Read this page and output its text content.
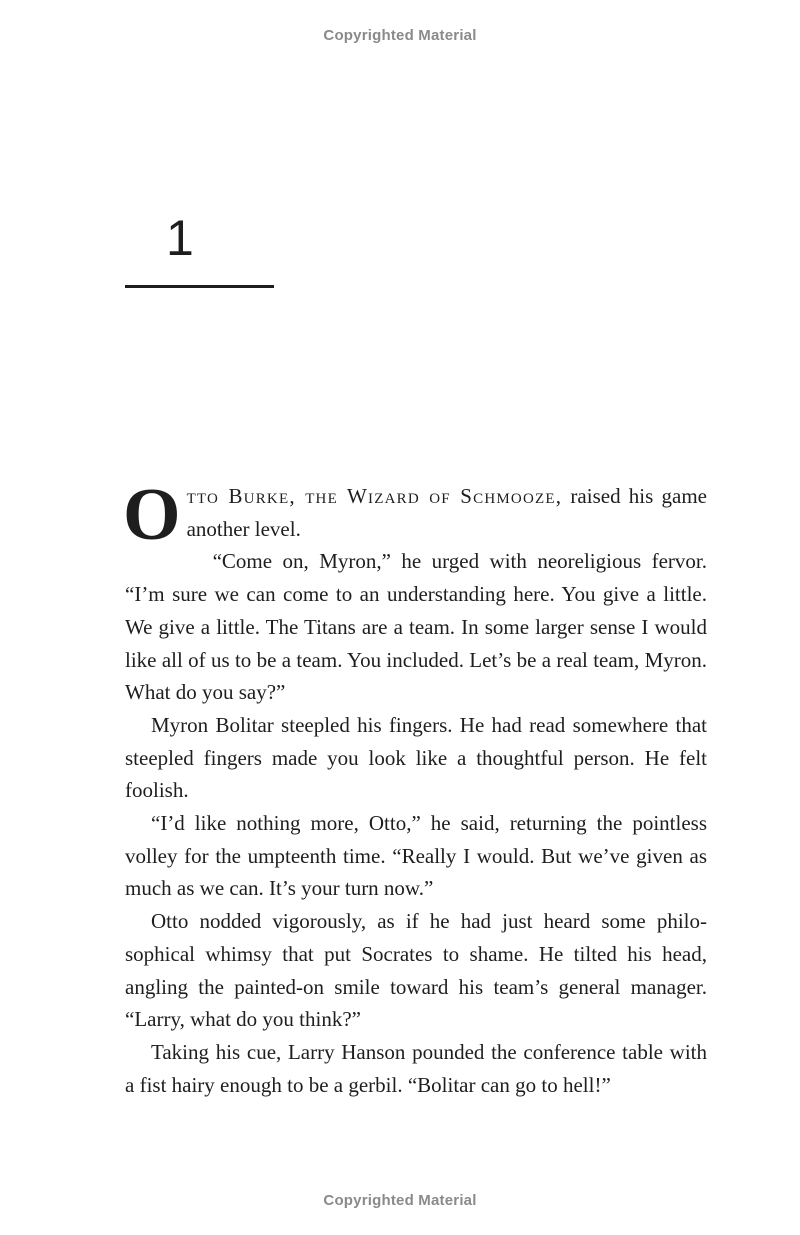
Copyrighted Material
1

Otto Burke, the Wizard of Schmooze, raised his game another level.

“Come on, Myron,” he urged with neoreligious fervor. “I’m sure we can come to an understanding here. You give a little. We give a little. The Titans are a team. In some larger sense I would like all of us to be a team. You included. Let’s be a real team, Myron. What do you say?”

Myron Bolitar steepled his fingers. He had read somewhere that steepled fingers made you look like a thoughtful person. He felt foolish.

“I’d like nothing more, Otto,” he said, returning the pointless volley for the umpteenth time. “Really I would. But we’ve given as much as we can. It’s your turn now.”

Otto nodded vigorously, as if he had just heard some philosophical whimsy that put Socrates to shame. He tilted his head, angling the painted-on smile toward his team’s general manager. “Larry, what do you think?”

Taking his cue, Larry Hanson pounded the conference table with a fist hairy enough to be a gerbil. “Bolitar can go to hell!”

Copyrighted Material
